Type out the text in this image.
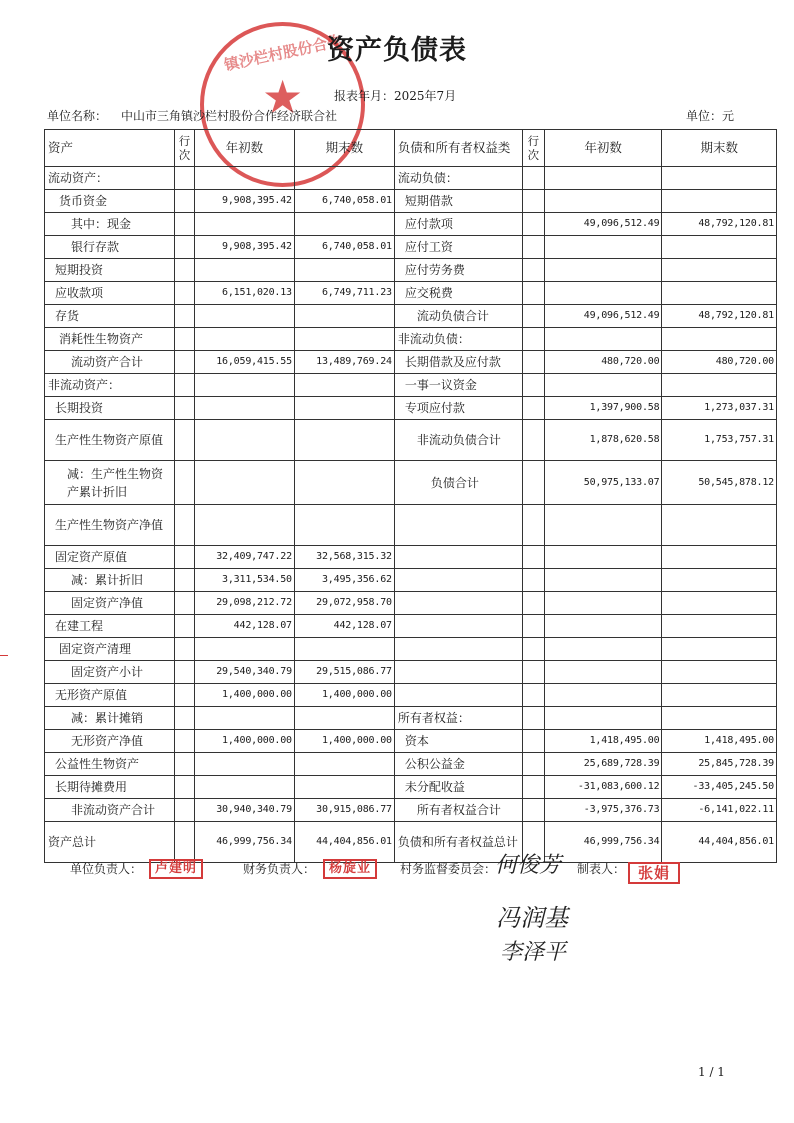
镇沙栏村股份合作
★
资产负债表
报表年月：2025年7月
单位名称： 中山市三角镇沙栏村股份合作经济联合社	单位：元
资产	行次	年初数	期末数	负债和所有者权益类	行次	年初数	期末数
流动资产：				流动负债：			
货币资金		9,908,395.42	6,740,058.01	短期借款			
其中：现金				应付款项		49,096,512.49	48,792,120.81
银行存款		9,908,395.42	6,740,058.01	应付工资			
短期投资				应付劳务费			
应收款项		6,151,020.13	6,749,711.23	应交税费			
存货				流动负债合计		49,096,512.49	48,792,120.81
消耗性生物资产				非流动负债：			
流动资产合计		16,059,415.55	13,489,769.24	长期借款及应付款		480,720.00	480,720.00
非流动资产：				一事一议资金			
长期投资				专项应付款		1,397,900.58	1,273,037.31
生产性生物资产原值				非流动负债合计		1,878,620.58	1,753,757.31
减：生产性生物资产累计折旧				负债合计		50,975,133.07	50,545,878.12
生产性生物资产净值							
固定资产原值		32,409,747.22	32,568,315.32				
减：累计折旧		3,311,534.50	3,495,356.62				
固定资产净值		29,098,212.72	29,072,958.70				
在建工程		442,128.07	442,128.07				
固定资产清理							
固定资产小计		29,540,340.79	29,515,086.77				
无形资产原值		1,400,000.00	1,400,000.00				
减：累计摊销				所有者权益：			
无形资产净值		1,400,000.00	1,400,000.00	资本		1,418,495.00	1,418,495.00
公益性生物资产				公积公益金		25,689,728.39	25,845,728.39
长期待摊费用				未分配收益		-31,083,600.12	-33,405,245.50
非流动资产合计		30,940,340.79	30,915,086.77	所有者权益合计		-3,975,376.73	-6,141,022.11
资产总计		46,999,756.34	44,404,856.01	负债和所有者权益总计		46,999,756.34	44,404,856.01
单位负责人： 卢建明	财务负责人：	杨旋业	村务监督委员会：
何俊芳
冯润基
李泽平
制表人： 张娟
1 / 1
